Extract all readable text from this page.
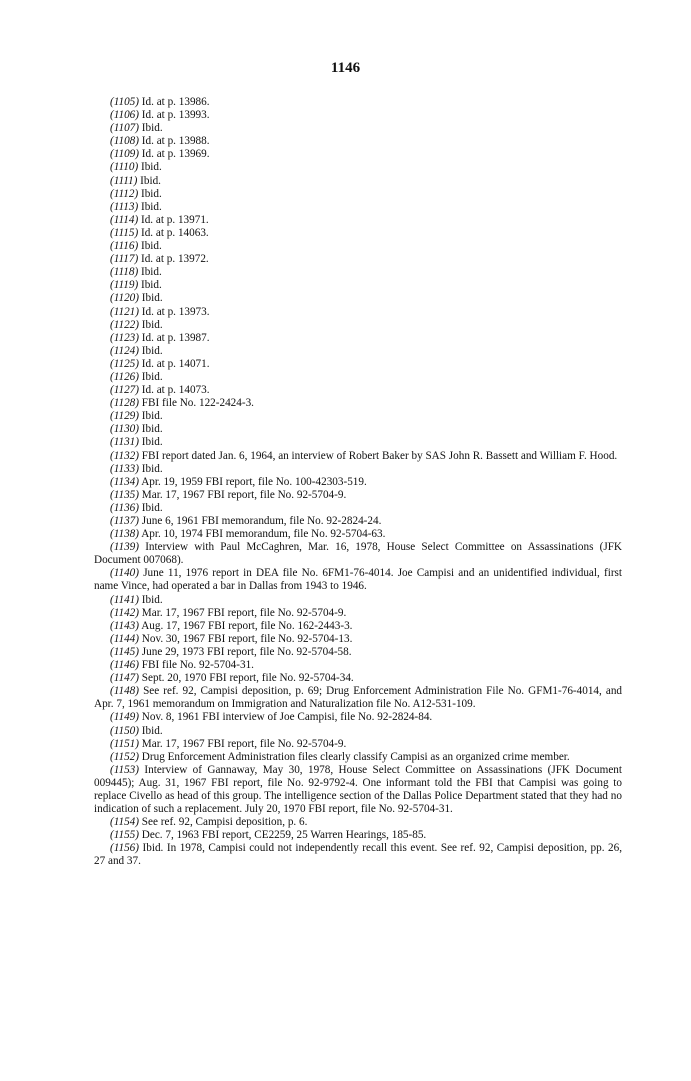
1146

(1105) Id. at p. 13986.

(1106) Id. at p. 13993.

(1107) Ibid.

(1108) Id. at p. 13988.

(1109) Id. at p. 13969.

(1110) Ibid.

(1111) Ibid.

(1112) Ibid.

(1113) Ibid.

(1114) Id. at p. 13971.

(1115) Id. at p. 14063.

(1116) Ibid.

(1117) Id. at p. 13972.

(1118) Ibid.

(1119) Ibid.

(1120) Ibid.

(1121) Id. at p. 13973.

(1122) Ibid.

(1123) Id. at p. 13987.

(1124) Ibid.

(1125) Id. at p. 14071.

(1126) Ibid.

(1127) Id. at p. 14073.

(1128) FBI file No. 122-2424-3.

(1129) Ibid.

(1130) Ibid.

(1131) Ibid.

(1132) FBI report dated Jan. 6, 1964, an interview of Robert Baker by SAS John R. Bassett and William F. Hood.

(1133) Ibid.

(1134) Apr. 19, 1959 FBI report, file No. 100-42303-519.

(1135) Mar. 17, 1967 FBI report, file No. 92-5704-9.

(1136) Ibid.

(1137) June 6, 1961 FBI memorandum, file No. 92-2824-24.

(1138) Apr. 10, 1974 FBI memorandum, file No. 92-5704-63.

(1139) Interview with Paul McCaghren, Mar. 16, 1978, House Select Committee on Assassinations (JFK Document 007068).

(1140) June 11, 1976 report in DEA file No. 6FM1-76-4014. Joe Campisi and an unidentified individual, first name Vince, had operated a bar in Dallas from 1943 to 1946.

(1141) Ibid.

(1142) Mar. 17, 1967 FBI report, file No. 92-5704-9.

(1143) Aug. 17, 1967 FBI report, file No. 162-2443-3.

(1144) Nov. 30, 1967 FBI report, file No. 92-5704-13.

(1145) June 29, 1973 FBI report, file No. 92-5704-58.

(1146) FBI file No. 92-5704-31.

(1147) Sept. 20, 1970 FBI report, file No. 92-5704-34.

(1148) See ref. 92, Campisi deposition, p. 69; Drug Enforcement Administration File No. GFM1-76-4014, and Apr. 7, 1961 memorandum on Immigration and Naturalization file No. A12-531-109.

(1149) Nov. 8, 1961 FBI interview of Joe Campisi, file No. 92-2824-84.

(1150) Ibid.

(1151) Mar. 17, 1967 FBI report, file No. 92-5704-9.

(1152) Drug Enforcement Administration files clearly classify Campisi as an organized crime member.

(1153) Interview of Gannaway, May 30, 1978, House Select Committee on Assassinations (JFK Document 009445); Aug. 31, 1967 FBI report, file No. 92-9792-4. One informant told the FBI that Campisi was going to replace Civello as head of this group. The intelligence section of the Dallas Police Department stated that they had no indication of such a replacement. July 20, 1970 FBI report, file No. 92-5704-31.

(1154) See ref. 92, Campisi deposition, p. 6.

(1155) Dec. 7, 1963 FBI report, CE2259, 25 Warren Hearings, 185-85.

(1156) Ibid. In 1978, Campisi could not independently recall this event. See ref. 92, Campisi deposition, pp. 26, 27 and 37.
